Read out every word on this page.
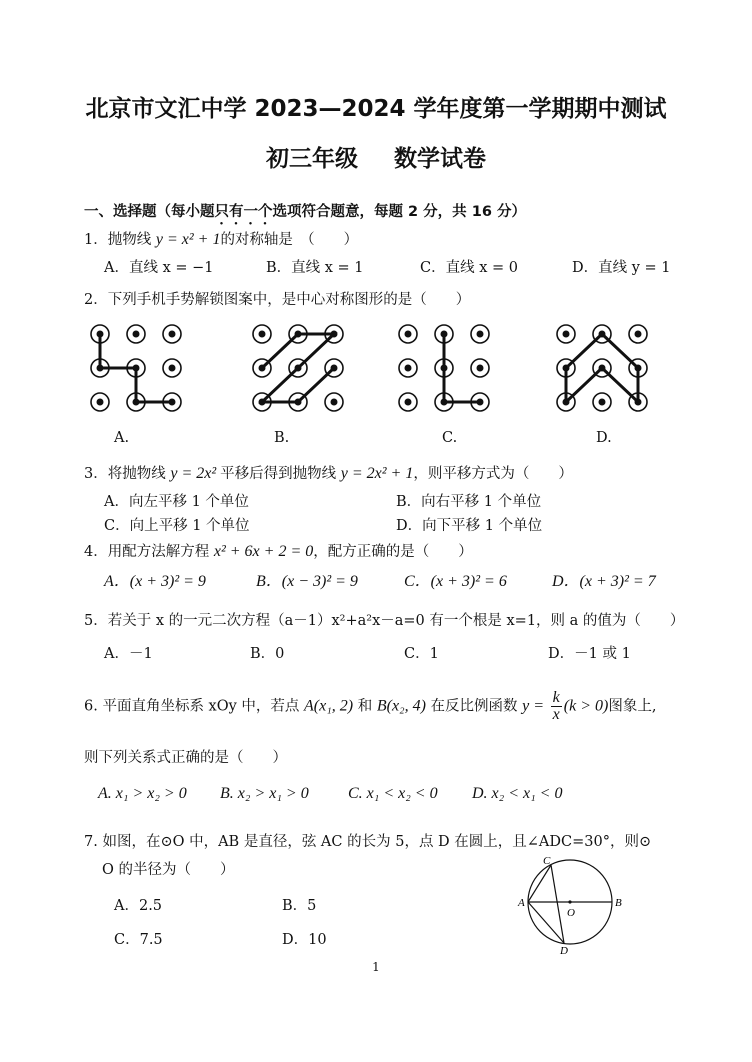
北京市文汇中学 2023—2024 学年度第一学期期中测试
初三年级 数学试卷
一、选择题（每小题只有一个选项符合题意，每题 2 分，共 16 分）
1．抛物线 y = x² + 1的对称轴是　（　　）
A．直线 x = −1	B．直线 x = 1	C．直线 x = 0	D．直线 y = 1
2．下列手机手势解锁图案中，是中心对称图形的是（　　）
A.	B.	C.	D.
3．将抛物线 y = 2x² 平移后得到抛物线 y = 2x² + 1，则平移方式为（　　）
A．向左平移 1 个单位	B．向右平移 1 个单位
C．向上平移 1 个单位	D．向下平移 1 个单位
4．用配方法解方程 x² + 6x + 2 = 0，配方正确的是（　　）
A．(x + 3)² = 9	B．(x − 3)² = 9	C．(x + 3)² = 6	D．(x + 3)² = 7
5．若关于 x 的一元二次方程（a－1）x²+a²x－a=0 有一个根是 x=1，则 a 的值为（　　）
A．－1	B．0	C．1	D．－1 或 1
6. 平面直角坐标系 xOy 中，若点 A(x₁, 2) 和 B(x₂, 4) 在反比例函数 $y = \frac{k}{x} (k > 0)$图象上,
则下列关系式正确的是（　　）
A. x₁ > x₂ > 0 B. x₂ > x₁ > 0 C. x₁ < x₂ < 0 D. x₂ < x₁ < 0
7. 如图，在⊙O 中，AB 是直径，弦 AC 的长为 5，点 D 在圆上，且∠ADC=30°，则⊙
O 的半径为（　　）
A．2.5	B．5
C．7.5	D．10
A	B
C
D
O
1
